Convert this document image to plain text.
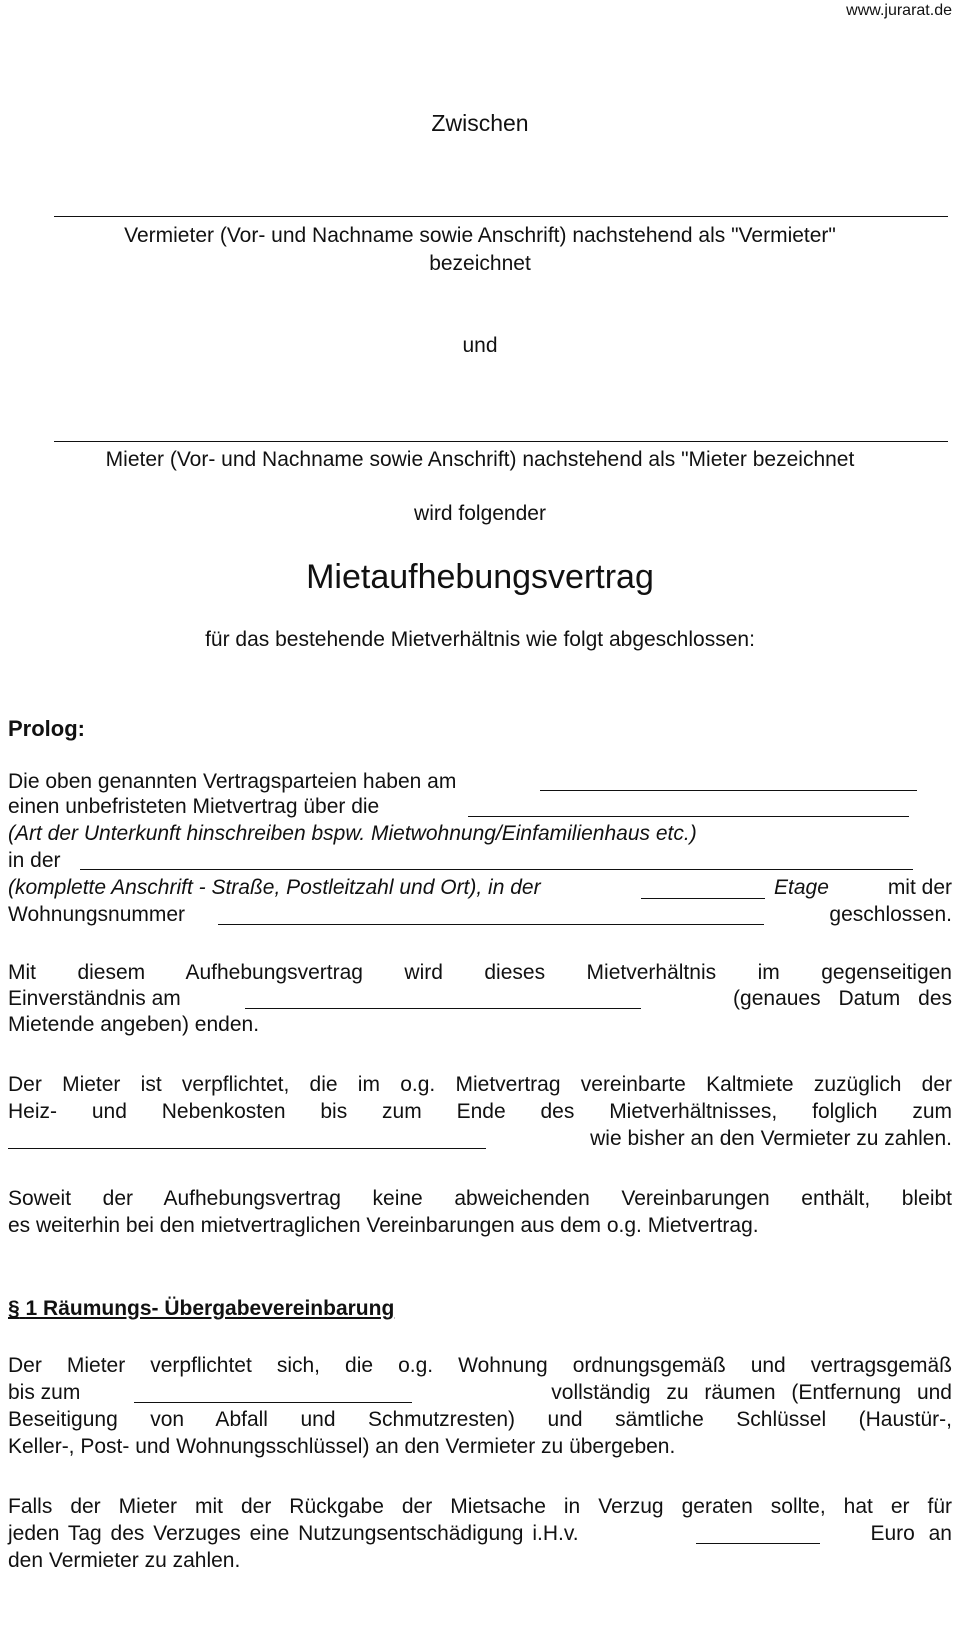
www.jurarat.de
Zwischen
Vermieter (Vor- und Nachname sowie Anschrift) nachstehend als "Vermieter"
bezeichnet
und
Mieter (Vor- und Nachname sowie Anschrift) nachstehend als "Mieter bezeichnet
wird folgender
Mietaufhebungsvertrag
für das bestehende Mietverhältnis wie folgt abgeschlossen:
Prolog:
Die oben genannten Vertragsparteien haben am
einen unbefristeten Mietvertrag über die
(Art der Unterkunft hinschreiben bspw. Mietwohnung/Einfamilienhaus etc.)
in der
(komplette Anschrift - Straße, Postleitzahl und Ort), in der	Etage	mit der
Wohnungsnummer	geschlossen.
Mit diesem Aufhebungsvertrag wird dieses Mietverhältnis im gegenseitigen
Einverständnis am	(genaues Datum des
Mietende angeben) enden.
Der Mieter ist verpflichtet, die im o.g. Mietvertrag vereinbarte Kaltmiete zuzüglich der
Heiz- und Nebenkosten bis zum Ende des Mietverhältnisses, folglich zum
wie bisher an den Vermieter zu zahlen.
Soweit der Aufhebungsvertrag keine abweichenden Vereinbarungen enthält, bleibt
es weiterhin bei den mietvertraglichen Vereinbarungen aus dem o.g. Mietvertrag.
§ 1 Räumungs- Übergabevereinbarung
Der Mieter verpflichtet sich, die o.g. Wohnung ordnungsgemäß und vertragsgemäß
bis zum	vollständig zu räumen (Entfernung und
Beseitigung von Abfall und Schmutzresten) und sämtliche Schlüssel (Haustür-,
Keller-, Post- und Wohnungsschlüssel) an den Vermieter zu übergeben.
Falls der Mieter mit der Rückgabe der Mietsache in Verzug geraten sollte, hat er für
jeden Tag des Verzuges eine Nutzungsentschädigung i.H.v.	Euro an
den Vermieter zu zahlen.
